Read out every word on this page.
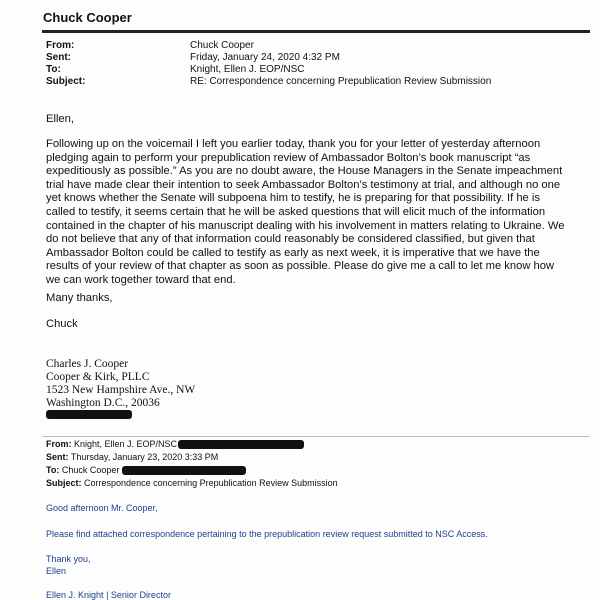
Chuck Cooper
From:	Chuck Cooper
Sent:	Friday, January 24, 2020 4:32 PM
To:	Knight, Ellen J. EOP/NSC
Subject:	RE: Correspondence concerning Prepublication Review Submission
Ellen,
Following up on the voicemail I left you earlier today, thank you for your letter of yesterday afternoon pledging again to perform your prepublication review of Ambassador Bolton’s book manuscript “as expeditiously as possible.” As you are no doubt aware, the House Managers in the Senate impeachment trial have made clear their intention to seek Ambassador Bolton’s testimony at trial, and although no one yet knows whether the Senate will subpoena him to testify, he is preparing for that possibility. If he is called to testify, it seems certain that he will be asked questions that will elicit much of the information contained in the chapter of his manuscript dealing with his involvement in matters relating to Ukraine. We do not believe that any of that information could reasonably be considered classified, but given that Ambassador Bolton could be called to testify as early as next week, it is imperative that we have the results of your review of that chapter as soon as possible. Please do give me a call to let me know how we can work together toward that end.
Many thanks,
Chuck
Charles J. Cooper
Cooper & Kirk, PLLC
1523 New Hampshire Ave., NW
Washington D.C., 20036
From: Knight, Ellen J. EOP/NSC
Sent: Thursday, January 23, 2020 3:33 PM
To: Chuck Cooper
Subject: Correspondence concerning Prepublication Review Submission
Good afternoon Mr. Cooper,
Please find attached correspondence pertaining to the prepublication review request submitted to NSC Access.
Thank you,
Ellen
Ellen J. Knight | Senior Director
